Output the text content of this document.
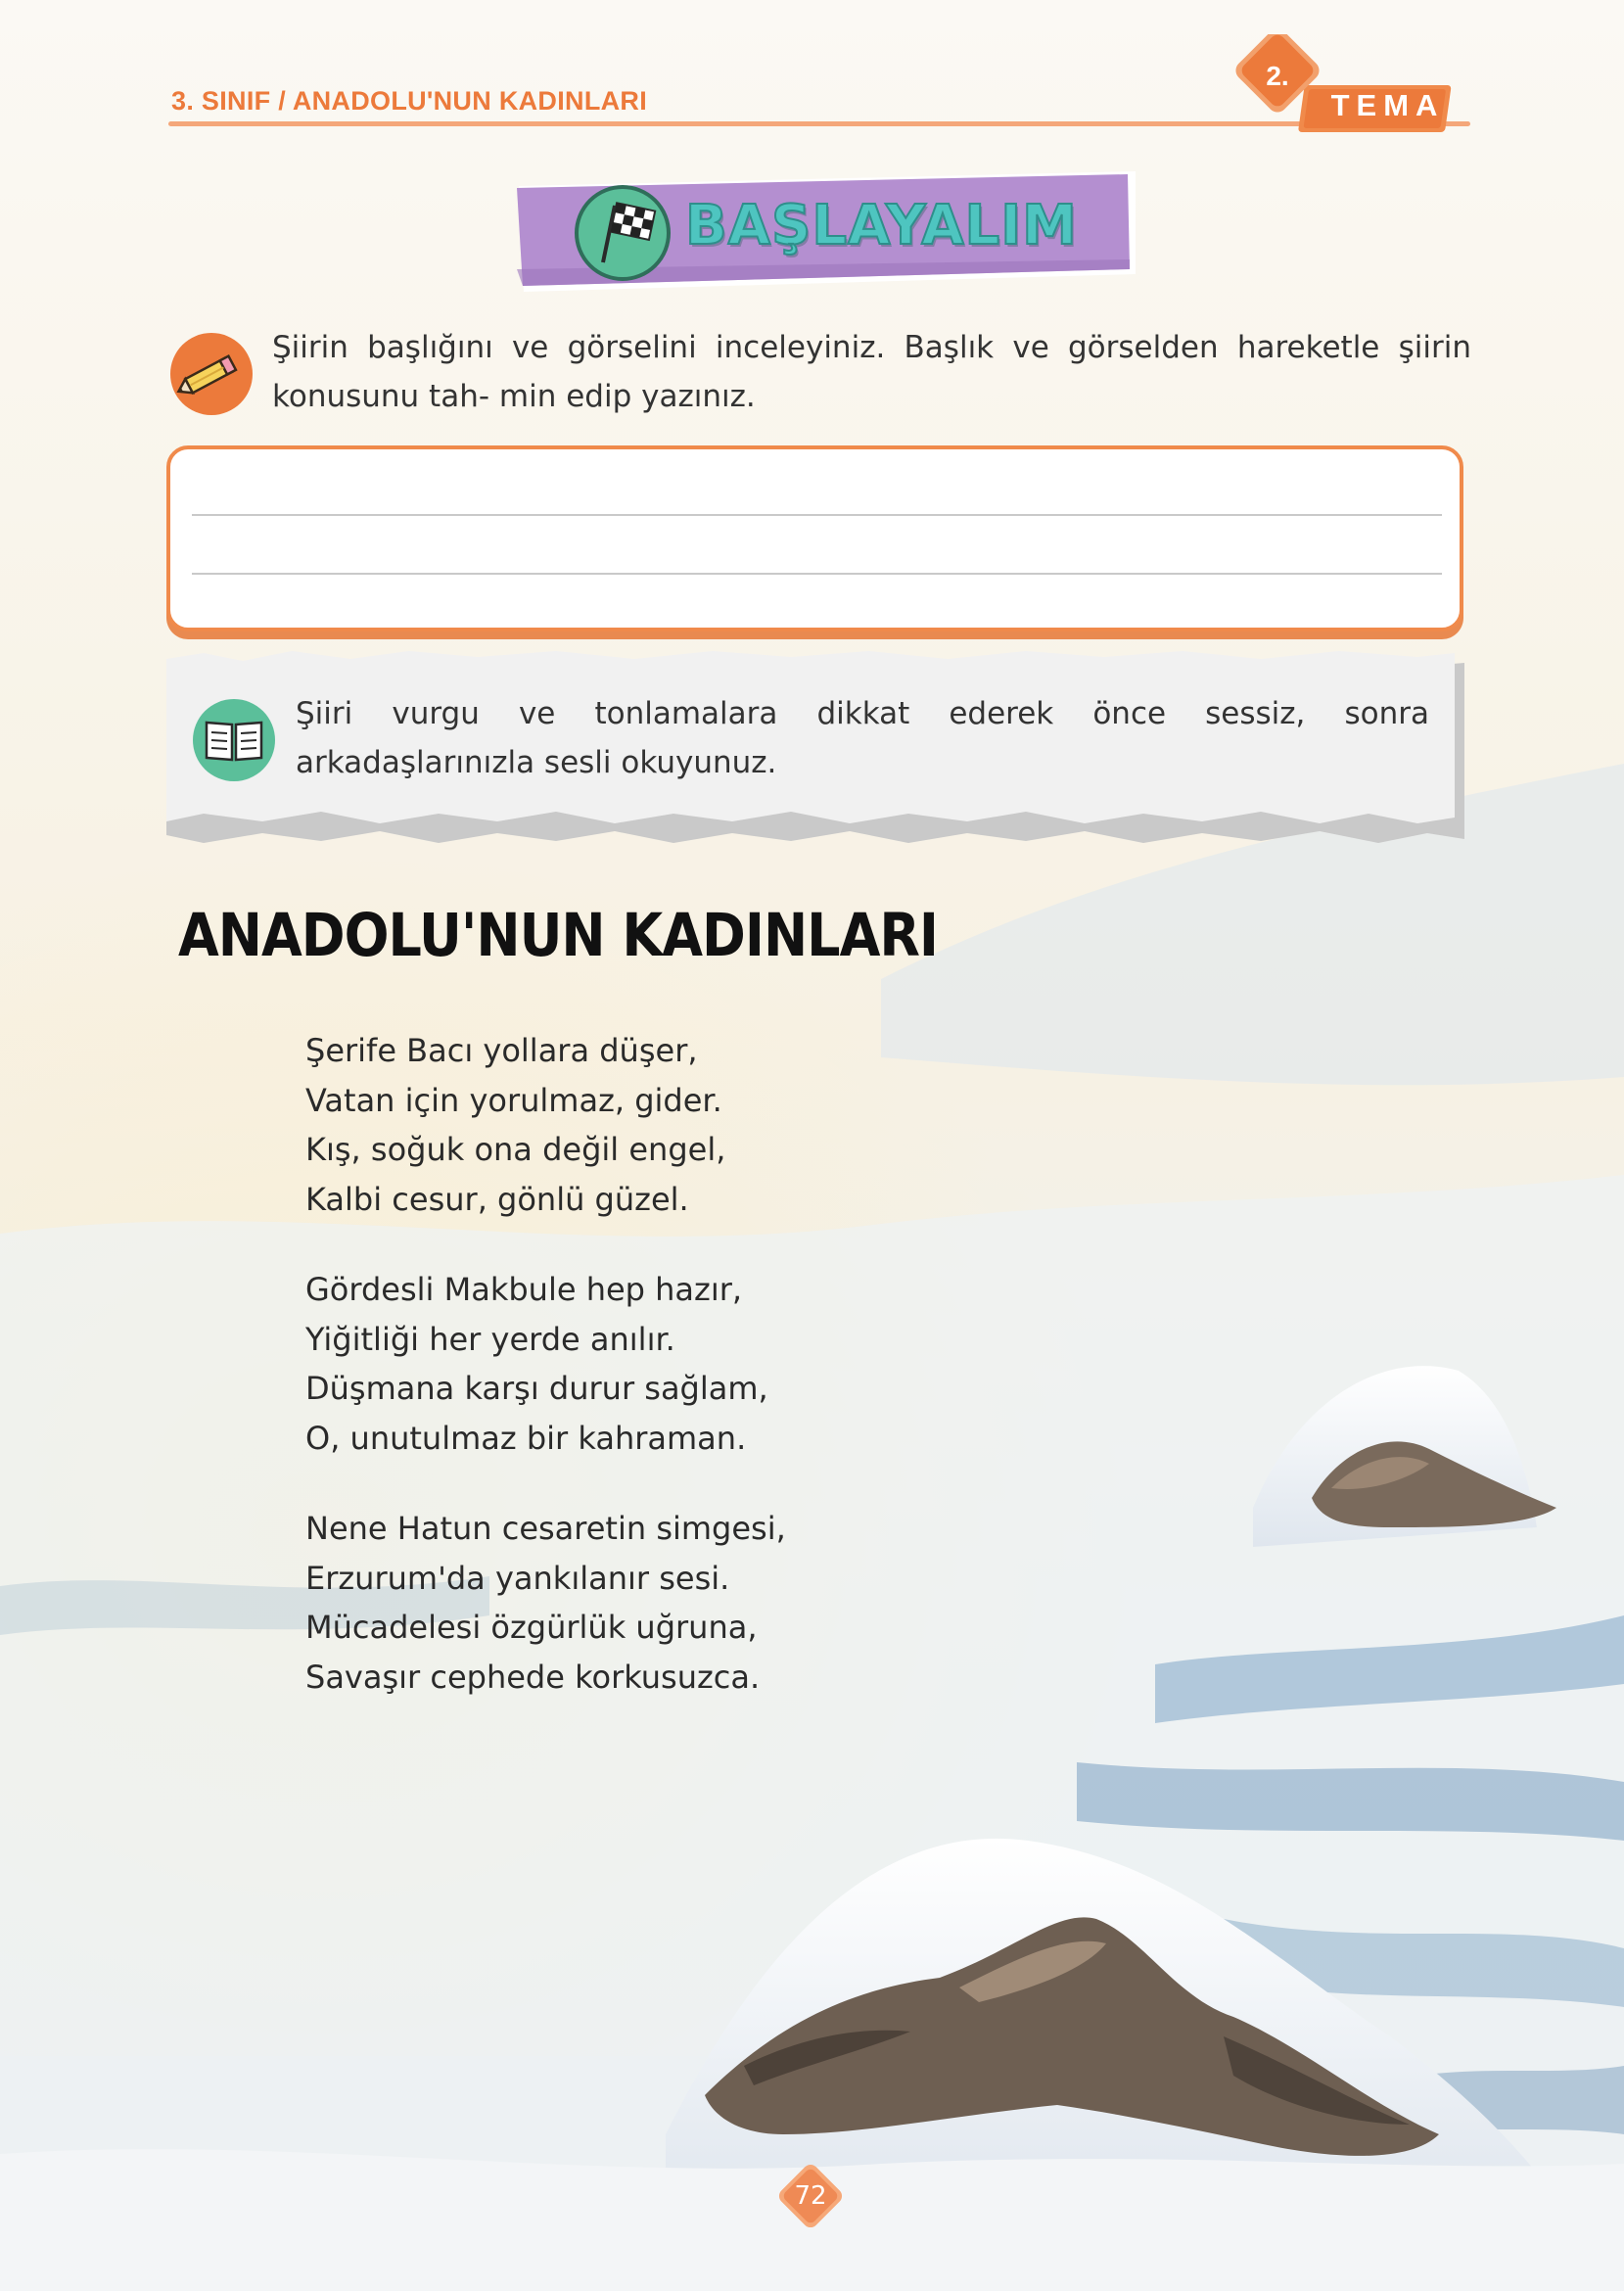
3. SINIF / ANADOLU'NUN KADINLARI
2.
TEMA
BAŞLAYALIM
Şiirin başlığını ve görselini inceleyiniz. Başlık ve görselden hareketle şiirin konusunu tah- min edip yazınız.
Şiiri vurgu ve tonlamalara dikkat ederek önce sessiz, sonra arkadaşlarınızla sesli okuyunuz.
ANADOLU'NUN KADINLARI
Şerife Bacı yollara düşer,
Vatan için yorulmaz, gider.
Kış, soğuk ona değil engel,
Kalbi cesur, gönlü güzel.
Gördesli Makbule hep hazır,
Yiğitliği her yerde anılır.
Düşmana karşı durur sağlam,
O, unutulmaz bir kahraman.
Nene Hatun cesaretin simgesi,
Erzurum'da yankılanır sesi.
Mücadelesi özgürlük uğruna,
Savaşır cephede korkusuzca.
72
